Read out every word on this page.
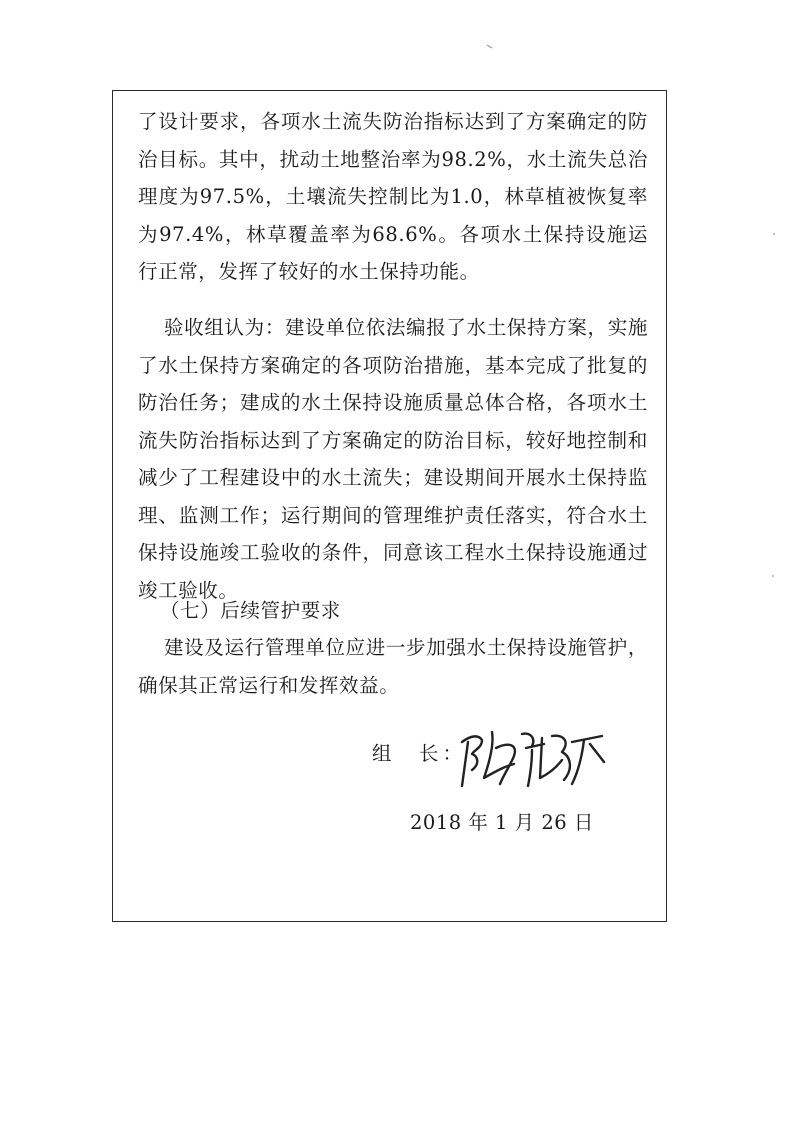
了设计要求，各项水土流失防治指标达到了方案确定的防治目标。其中，扰动土地整治率为98.2%，水土流失总治理度为97.5%，土壤流失控制比为1.0，林草植被恢复率为97.4%，林草覆盖率为68.6%。各项水土保持设施运行正常，发挥了较好的水土保持功能。

验收组认为：建设单位依法编报了水土保持方案，实施了水土保持方案确定的各项防治措施，基本完成了批复的防治任务；建成的水土保持设施质量总体合格，各项水土流失防治指标达到了方案确定的防治目标，较好地控制和减少了工程建设中的水土流失；建设期间开展水土保持监理、监测工作；运行期间的管理维护责任落实，符合水土保持设施竣工验收的条件，同意该工程水土保持设施通过竣工验收。

（七）后续管护要求

建设及运行管理单位应进一步加强水土保持设施管护，确保其正常运行和发挥效益。

组　长：
2018 年 1 月 26 日
